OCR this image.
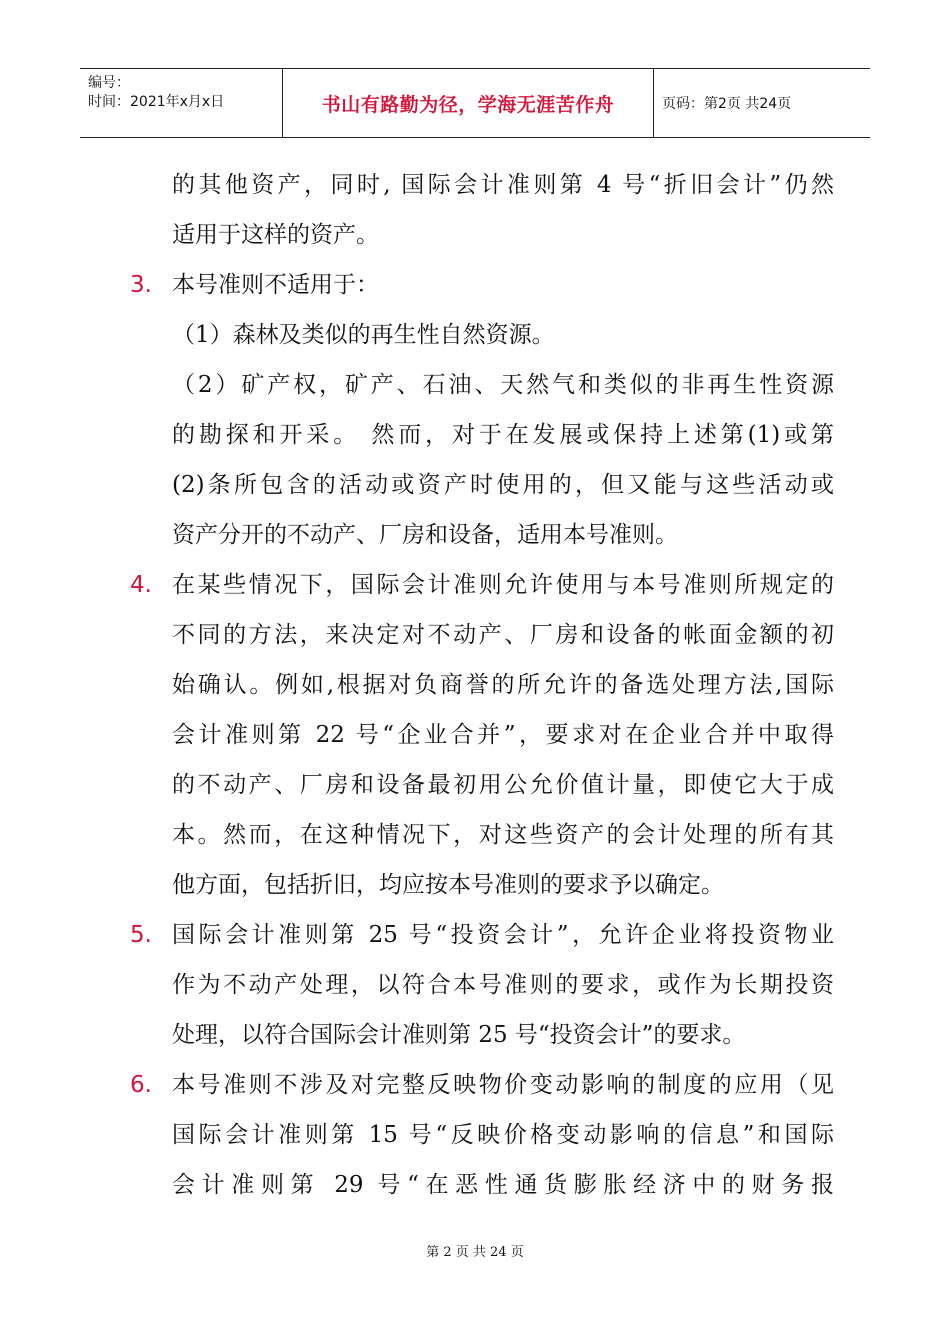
编号：
时间：2021年x月x日	书山有路勤为径，学海无涯苦作舟	页码：第2页 共24页
的其他资产，同时, 国际会计准则第 4 号“折旧会计”仍然
适用于这样的资产。
3. 本号准则不适用于：
（1）森林及类似的再生性自然资源。
（2）矿产权，矿产、石油、天然气和类似的非再生性资源
的勘探和开采。 然而，对于在发展或保持上述第(1)或第
(2)条所包含的活动或资产时使用的，但又能与这些活动或
资产分开的不动产、厂房和设备，适用本号准则。
4. 在某些情况下，国际会计准则允许使用与本号准则所规定的
不同的方法，来决定对不动产、厂房和设备的帐面金额的初
始确认。例如,根据对负商誉的所允许的备选处理方法,国际
会计准则第 22 号“企业合并”，要求对在企业合并中取得
的不动产、厂房和设备最初用公允价值计量，即使它大于成
本。然而，在这种情况下，对这些资产的会计处理的所有其
他方面，包括折旧，均应按本号准则的要求予以确定。
5. 国际会计准则第 25 号“投资会计”，允许企业将投资物业
作为不动产处理，以符合本号准则的要求，或作为长期投资
处理，以符合国际会计准则第 25 号“投资会计”的要求。
6. 本号准则不涉及对完整反映物价变动影响的制度的应用（见
国际会计准则第 15 号“反映价格变动影响的信息”和国际
会计准则第 29 号“在恶性通货膨胀经济中的财务报
第 2 页 共 24 页
